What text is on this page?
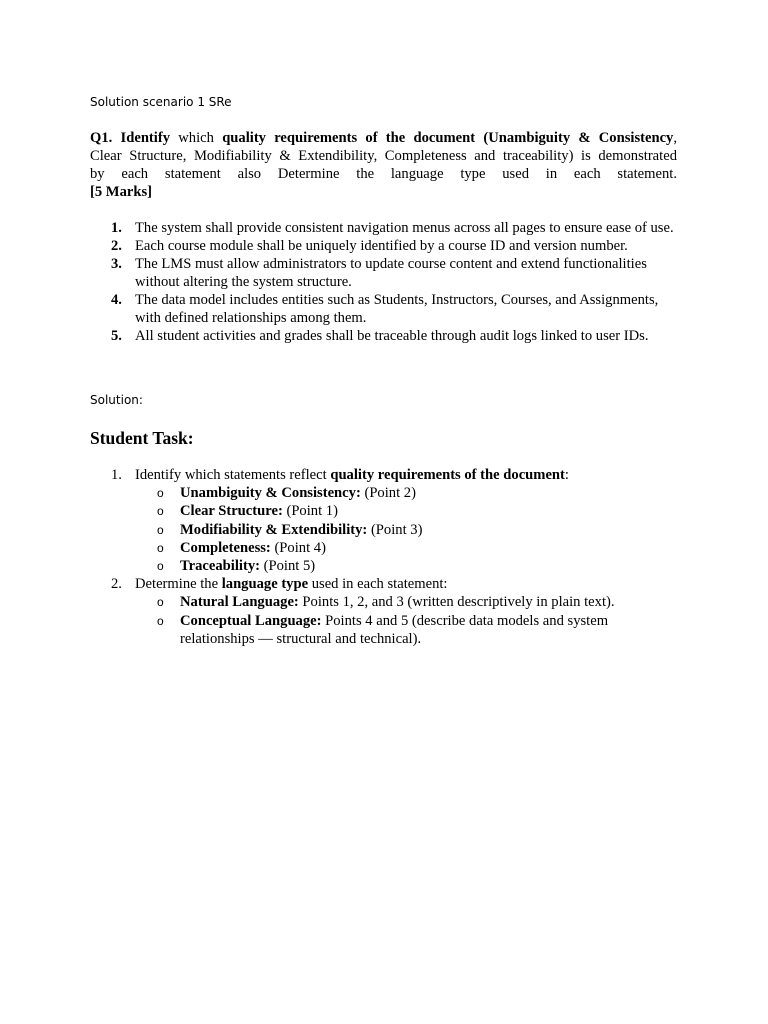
Solution scenario 1 SRe
Q1. Identify which quality requirements of the document (Unambiguity & Consistency,
Clear Structure, Modifiability & Extendibility, Completeness and traceability) is demonstrated
by each statement also Determine the language type used in each statement.
[5 Marks]
1. The system shall provide consistent navigation menus across all pages to ensure ease of use.
2. Each course module shall be uniquely identified by a course ID and version number.
3. The LMS must allow administrators to update course content and extend functionalities without altering the system structure.
4. The data model includes entities such as Students, Instructors, Courses, and Assignments, with defined relationships among them.
5. All student activities and grades shall be traceable through audit logs linked to user IDs.
Solution:
Student Task:
1. Identify which statements reflect quality requirements of the document:
o Unambiguity & Consistency: (Point 2)
o Clear Structure: (Point 1)
o Modifiability & Extendibility: (Point 3)
o Completeness: (Point 4)
o Traceability: (Point 5)
2. Determine the language type used in each statement:
o Natural Language: Points 1, 2, and 3 (written descriptively in plain text).
o Conceptual Language: Points 4 and 5 (describe data models and system relationships — structural and technical).
